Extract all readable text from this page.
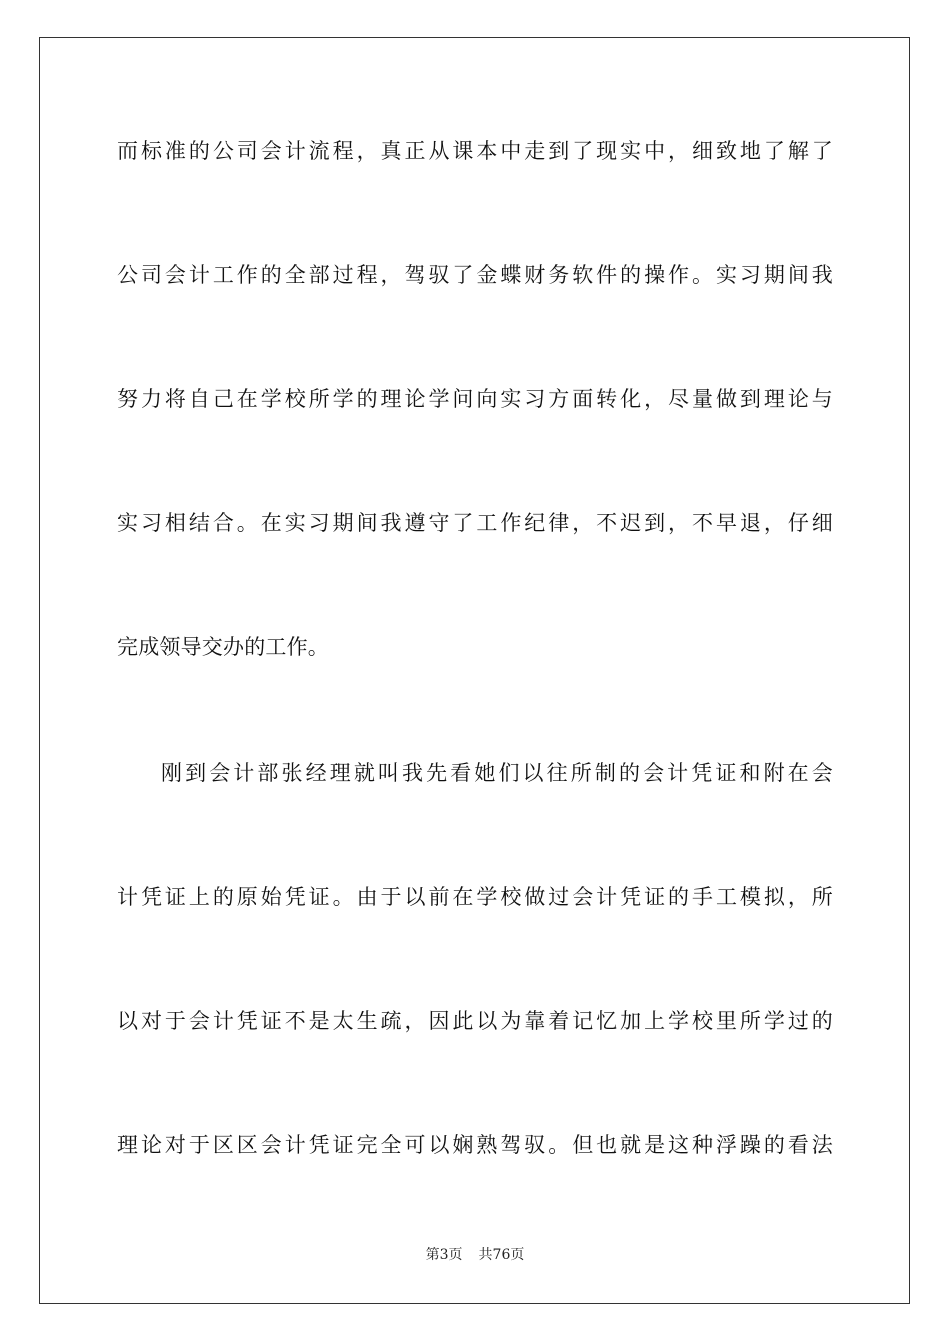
而标准的公司会计流程，真正从课本中走到了现实中，细致地了解了
公司会计工作的全部过程，驾驭了金蝶财务软件的操作。实习期间我
努力将自己在学校所学的理论学问向实习方面转化，尽量做到理论与
实习相结合。在实习期间我遵守了工作纪律，不迟到，不早退，仔细
完成领导交办的工作。
刚到会计部张经理就叫我先看她们以往所制的会计凭证和附在会
计凭证上的原始凭证。由于以前在学校做过会计凭证的手工模拟，所
以对于会计凭证不是太生疏，因此以为靠着记忆加上学校里所学过的
理论对于区区会计凭证完全可以娴熟驾驭。但也就是这种浮躁的看法
第3页 共76页
